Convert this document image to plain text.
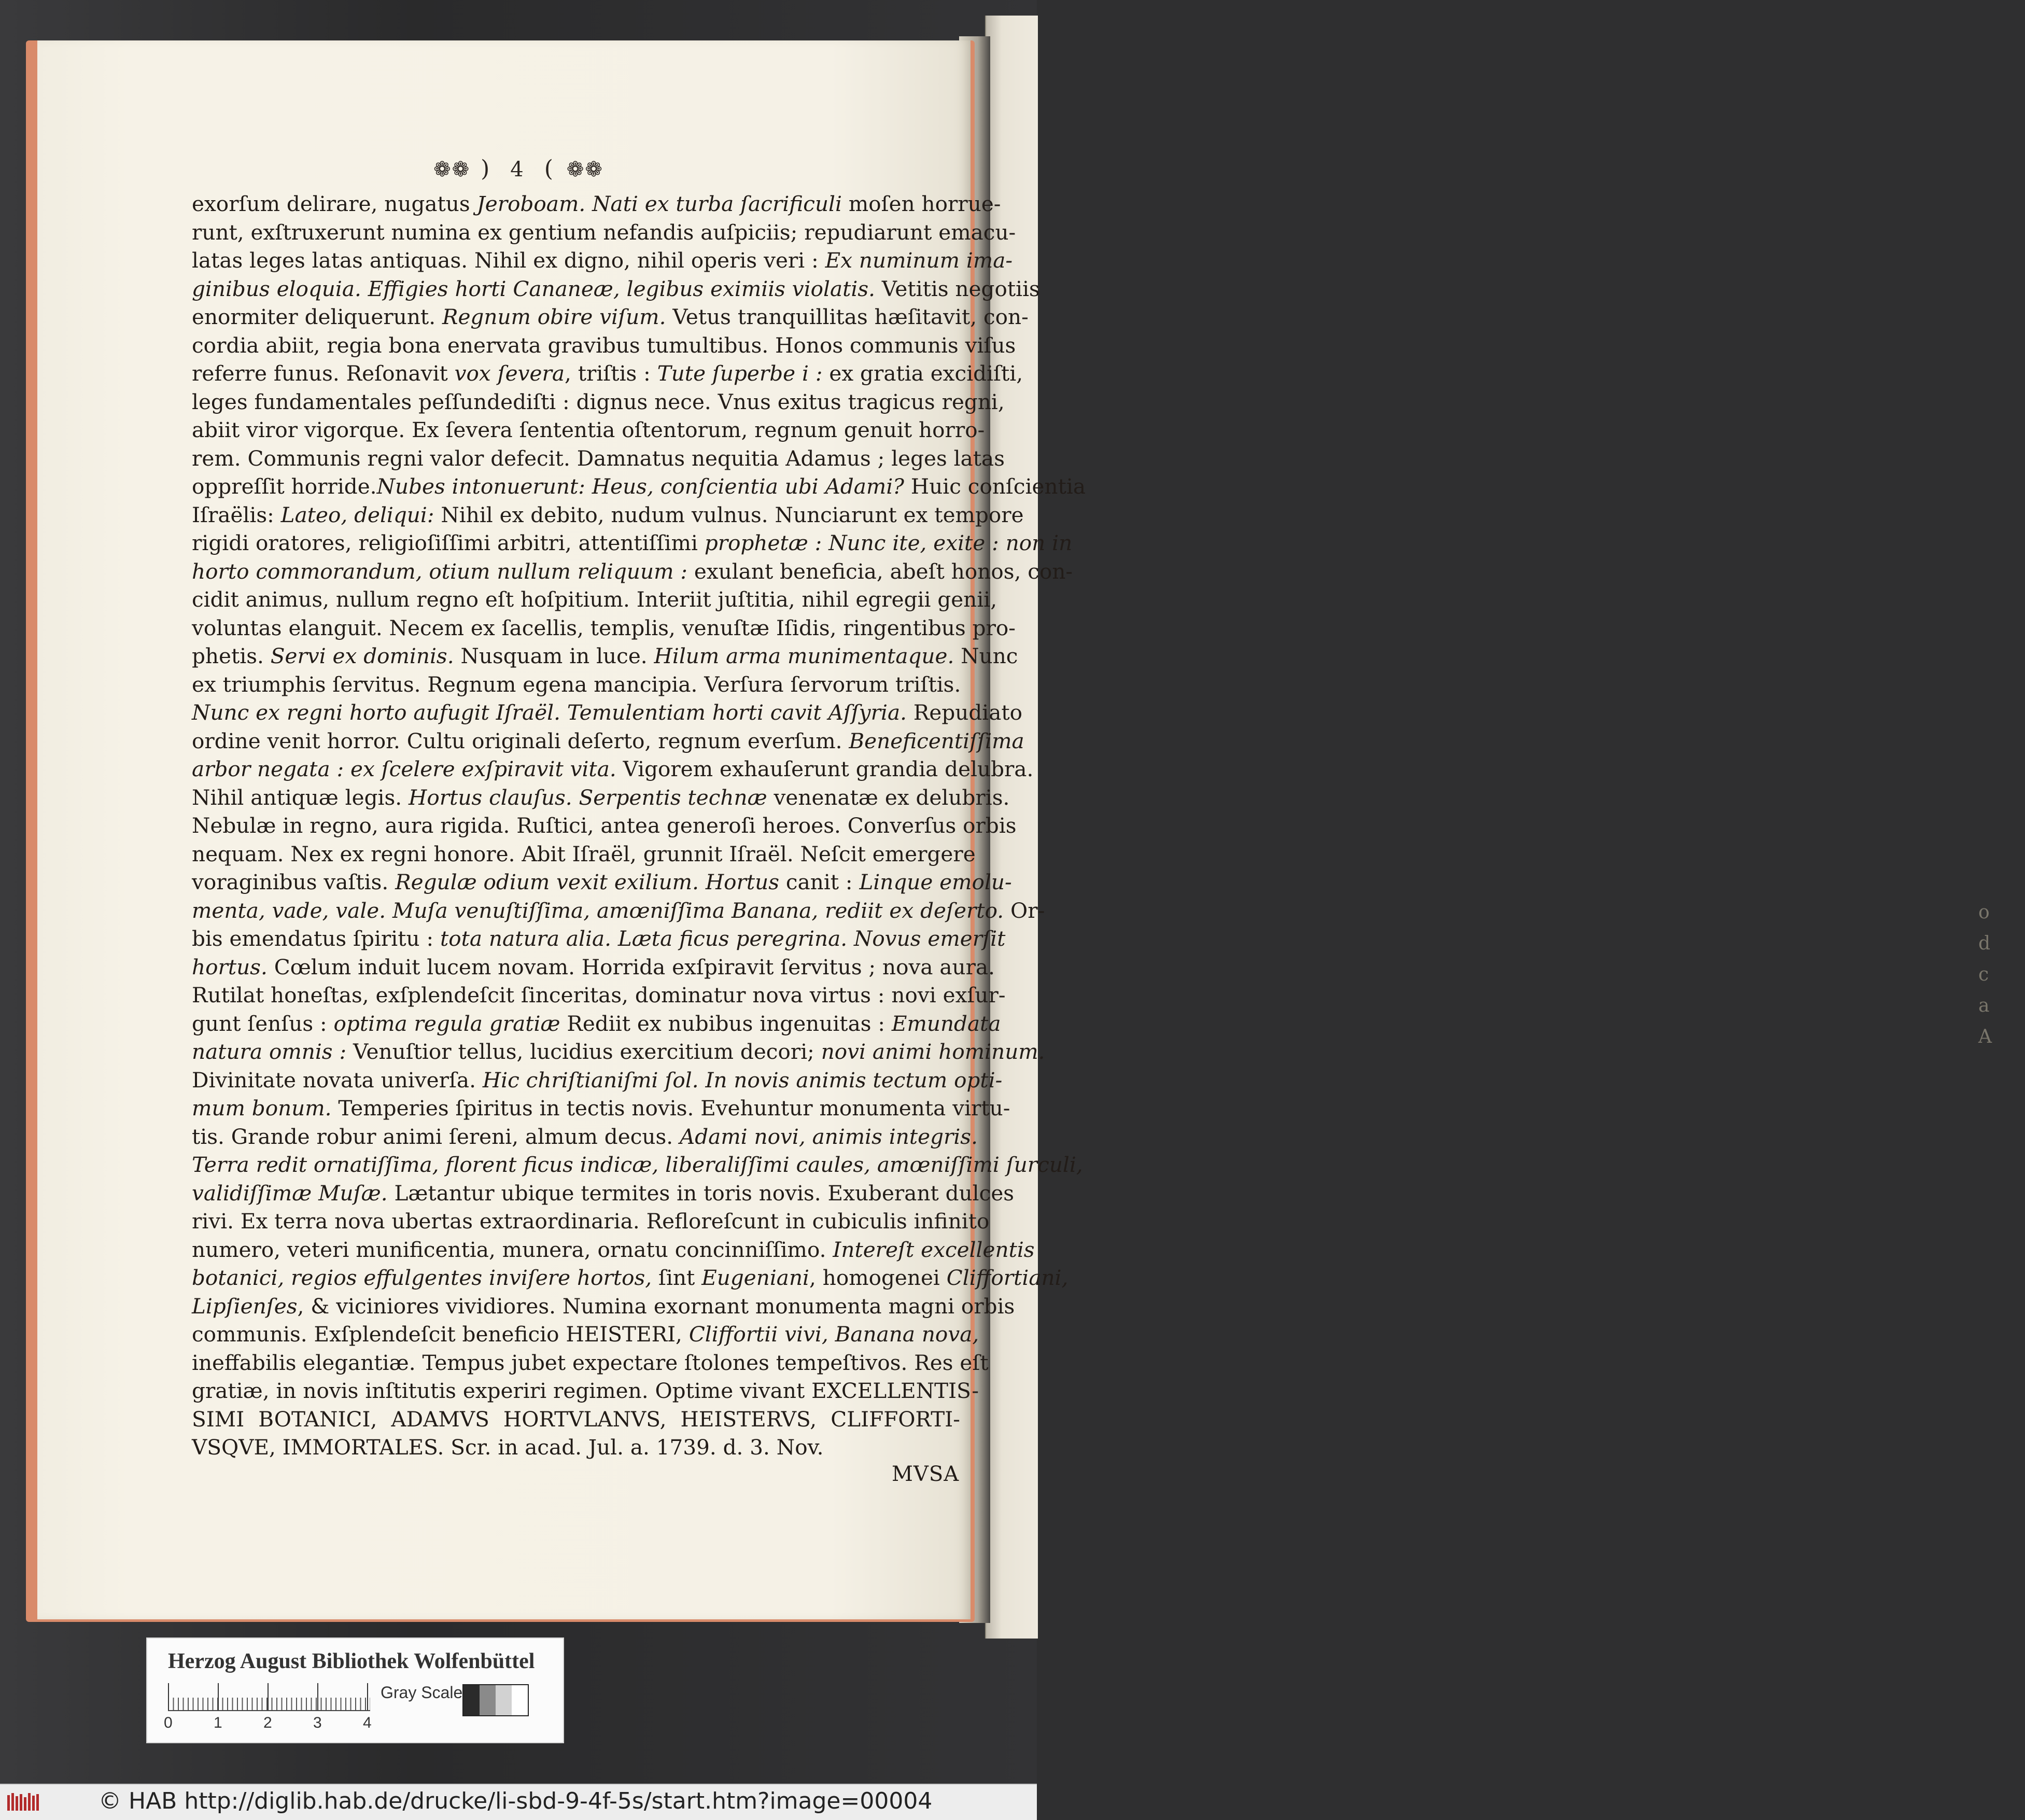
o
d
c
a
A
❁❁ ) 4 ( ❁❁
exorſum delirare, nugatus Jeroboam. Nati ex turba ſacrificuli moſen horrue-
runt, exſtruxerunt numina ex gentium nefandis auſpiciis; repudiarunt emacu-
latas leges latas antiquas. Nihil ex digno, nihil operis veri : Ex numinum ima-
ginibus eloquia. Effigies horti Cananeæ, legibus eximiis violatis. Vetitis negotiis
enormiter deliquerunt. Regnum obire viſum. Vetus tranquillitas hæſitavit, con-
cordia abiit, regia bona enervata gravibus tumultibus. Honos communis viſus
referre funus. Reſonavit vox ſevera, triſtis : Tute ſuperbe i : ex gratia excidiſti,
leges fundamentales peſſundediſti : dignus nece. Vnus exitus tragicus regni,
abiit viror vigorque. Ex ſevera ſententia oſtentorum, regnum genuit horro-
rem. Communis regni valor defecit. Damnatus nequitia Adamus ; leges latas
oppreſſit horride.Nubes intonuerunt: Heus, conſcientia ubi Adami? Huic conſcientia
Iſraëlis: Lateo, deliqui: Nihil ex debito, nudum vulnus. Nunciarunt ex tempore
rigidi oratores, religioſiſſimi arbitri, attentiſſimi prophetæ : Nunc ite, exite : non in
horto commorandum, otium nullum reliquum : exulant beneficia, abeſt honos, con-
cidit animus, nullum regno eſt hoſpitium. Interiit juſtitia, nihil egregii genii,
voluntas elanguit. Necem ex ſacellis, templis, venuſtæ Iſidis, ringentibus pro-
phetis. Servi ex dominis. Nusquam in luce. Hilum arma munimentaque. Nunc
ex triumphis ſervitus. Regnum egena mancipia. Verſura ſervorum triſtis.
Nunc ex regni horto aufugit Iſraël. Temulentiam horti cavit Aſſyria. Repudiato
ordine venit horror. Cultu originali deſerto, regnum everſum. Beneficentiſſima
arbor negata : ex ſcelere exſpiravit vita. Vigorem exhauſerunt grandia delubra.
Nihil antiquæ legis. Hortus clauſus. Serpentis technæ venenatæ ex delubris.
Nebulæ in regno, aura rigida. Ruſtici, antea generoſi heroes. Converſus orbis
nequam. Nex ex regni honore. Abit Iſraël, grunnit Iſraël. Neſcit emergere
voraginibus vaſtis. Regulæ odium vexit exilium. Hortus canit : Linque emolu-
menta, vade, vale. Muſa venuſtiſſima, amœniſſima Banana, rediit ex deſerto. Or-
bis emendatus ſpiritu : tota natura alia. Læta ficus peregrina. Novus emerſit
hortus. Cœlum induit lucem novam. Horrida exſpiravit ſervitus ; nova aura.
Rutilat honeſtas, exſplendeſcit ſinceritas, dominatur nova virtus : novi exſur-
gunt ſenſus : optima regula gratiæ Rediit ex nubibus ingenuitas : Emundata
natura omnis : Venuſtior tellus, lucidius exercitium decori; novi animi hominum.
Divinitate novata univerſa. Hic chriſtianiſmi ſol. In novis animis tectum opti-
mum bonum. Temperies ſpiritus in tectis novis. Evehuntur monumenta virtu-
tis. Grande robur animi ſereni, almum decus. Adami novi, animis integris.
Terra redit ornatiſſima, florent ficus indicæ, liberaliſſimi caules, amœniſſimi ſurculi,
validiſſimæ Muſæ. Lætantur ubique termites in toris novis. Exuberant dulces
rivi. Ex terra nova ubertas extraordinaria. Refloreſcunt in cubiculis infinito
numero, veteri munificentia, munera, ornatu concinniſſimo. Intereſt excellentis
botanici, regios effulgentes inviſere hortos, ſint Eugeniani, homogenei Cliffortiani,
Lipſienſes, & viciniores vividiores. Numina exornant monumenta magni orbis
communis. Exſplendeſcit beneficio HEISTERI, Cliffortii vivi, Banana nova,
ineffabilis elegantiæ. Tempus jubet expectare ſtolones tempeſtivos. Res eſt
gratiæ, in novis inſtitutis experiri regimen. Optime vivant EXCELLENTIS-
SIMI BOTANICI, ADAMVS HORTVLANVS, HEISTERVS, CLIFFORTI-
VSQVE, IMMORTALES. Scr. in acad. Jul. a. 1739. d. 3. Nov.
MVSA
Herzog August Bibliothek Wolfenbüttel
0	1	2	3	4
Gray Scale
© HAB http://diglib.hab.de/drucke/li-sbd-9-4f-5s/start.htm?image=00004
